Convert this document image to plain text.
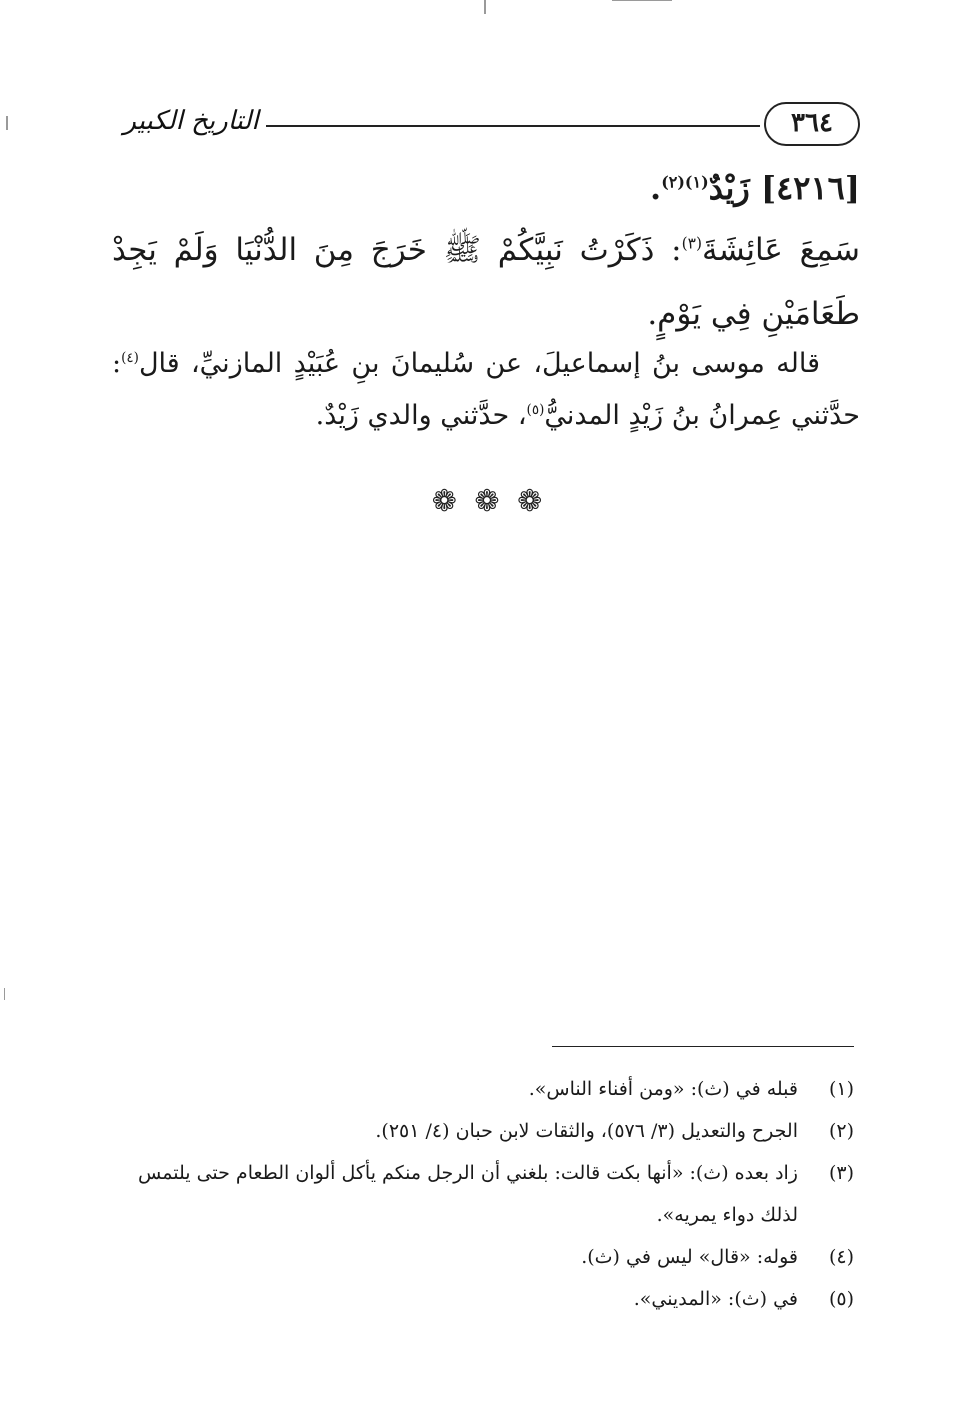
التاريخ الكبير	٣٦٤
[٤٢١٦] زَيْدٌ$^{(١)(٢)}$.
سَمِعَ عَائِشَةَ$^{(٣)}$: ذَكَرْتُ نَبِيَّكُمْ ﷺ خَرَجَ مِنَ الدُّنْيَا وَلَمْ يَجِدْ طَعَامَيْنِ فِي يَوْمٍ.
قاله موسى بنُ إسماعيلَ، عن سُليمانَ بنِ عُبَيْدٍ المازنيِّ، قال$^{(٤)}$: حدَّثني عِمرانُ بنُ زَيْدٍ المدنيُّ$^{(٥)}$، حدَّثني والدي زَيْدٌ.
❁ ❁ ❁
(١)
قبله في (ث): «ومن أفناء الناس».
(٢)
الجرح والتعديل (٣/ ٥٧٦)، والثقات لابن حبان (٤/ ٢٥١).
(٣)
زاد بعده (ث): «أنها بكت قالت: بلغني أن الرجل منكم يأكل ألوان الطعام حتى يلتمس لذلك دواء يمريه».
(٤)
قوله: «قال» ليس في (ث).
(٥)
في (ث): «المديني».
